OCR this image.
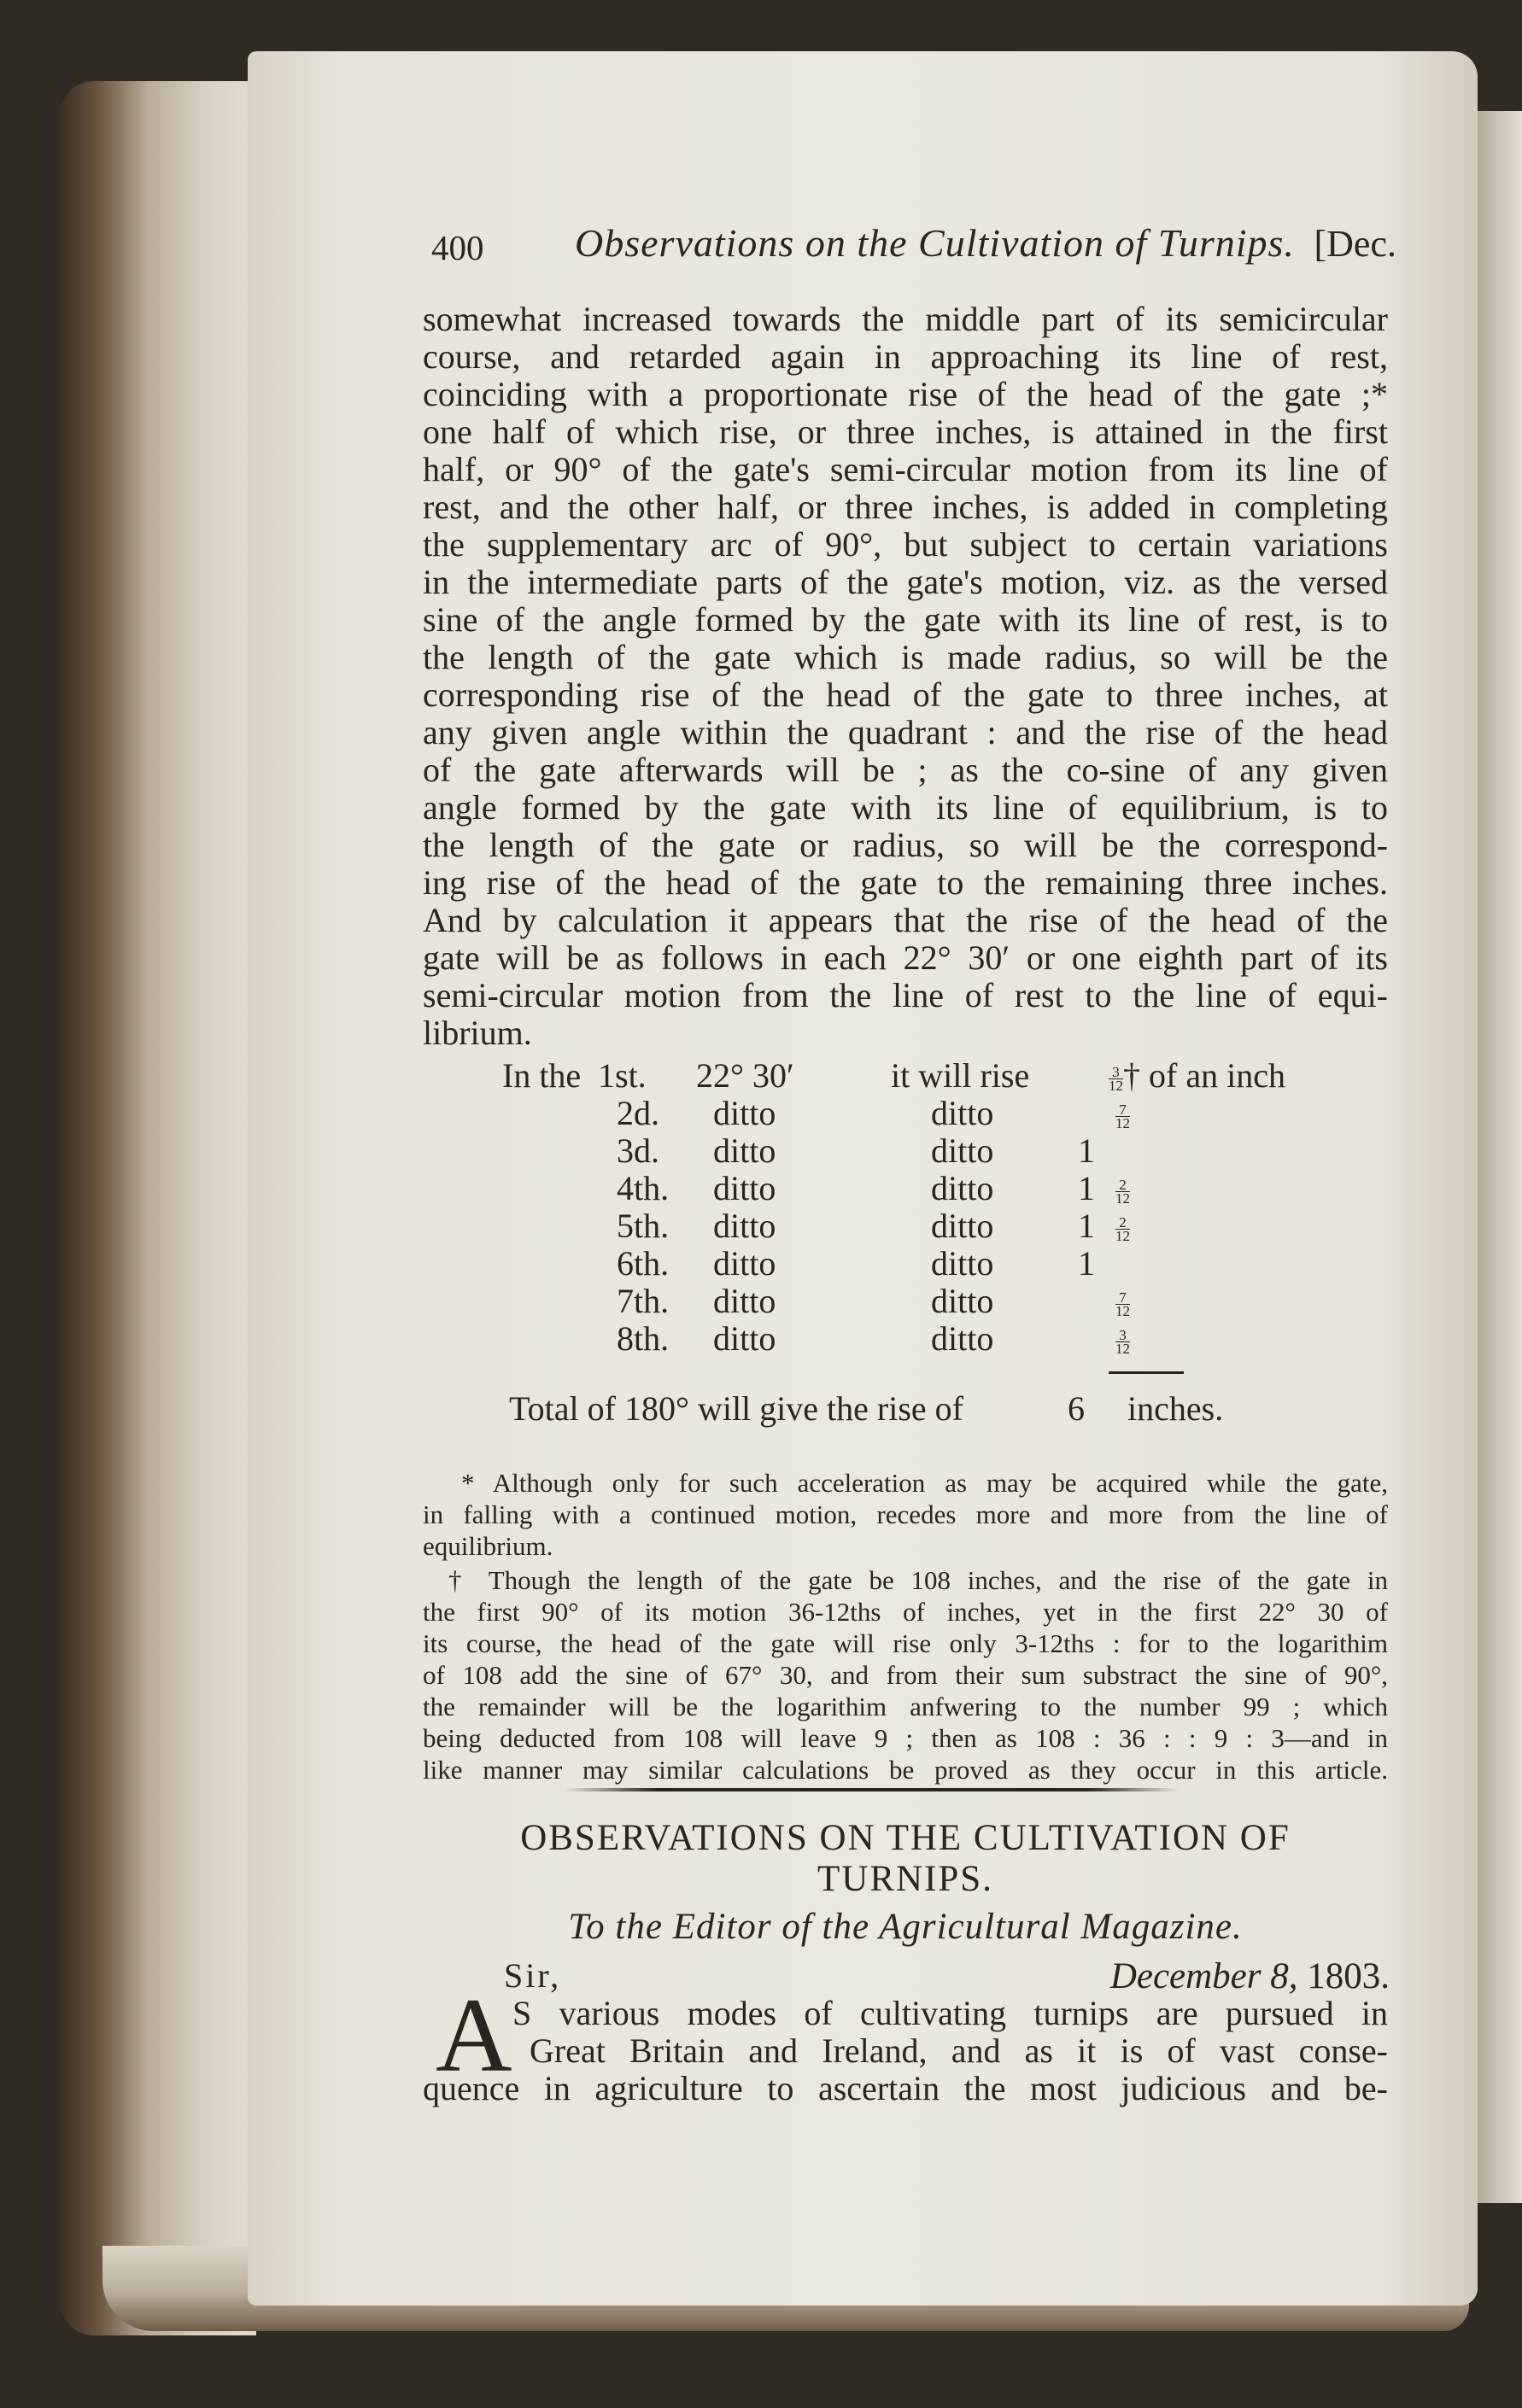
400 Observations on the Cultivation of Turnips. [Dec.
somewhat increased towards the middle part of its semicircular
course, and retarded again in approaching its line of rest,
coinciding with a proportionate rise of the head of the gate ;*
one half of which rise, or three inches, is attained in the first
half, or 90° of the gate's semi-circular motion from its line of
rest, and the other half, or three inches, is added in completing
the supplementary arc of 90°, but subject to certain variations
in the intermediate parts of the gate's motion, viz. as the versed
sine of the angle formed by the gate with its line of rest, is to
the length of the gate which is made radius, so will be the
corresponding rise of the head of the gate to three inches, at
any given angle within the quadrant : and the rise of the head
of the gate afterwards will be ; as the co-sine of any given
angle formed by the gate with its line of equilibrium, is to
the length of the gate or radius, so will be the correspond-
ing rise of the head of the gate to the remaining three inches.
And by calculation it appears that the rise of the head of the
gate will be as follows in each 22° 30′ or one eighth part of its
semi-circular motion from the line of rest to the line of equi-
librium.
In the 1st. 22° 30′	it will rise	$\frac{3}{12}$ † of an inch
2d. ditto	ditto	$\frac{7}{12}$
3d. ditto	ditto 1
4th. ditto	ditto $1 \frac{2}{12}$
5th. ditto	ditto $1 \frac{2}{12}$
6th. ditto	ditto 1
7th. ditto	ditto	$\frac{7}{12}$
8th. ditto	ditto	$\frac{3}{12}$
Total of 180° will give the rise of	6 inches.
* Although only for such acceleration as may be acquired while the gate,
in falling with a continued motion, recedes more and more from the line of
equilibrium.
† Though the length of the gate be 108 inches, and the rise of the gate in
the first 90° of its motion 36-12ths of inches, yet in the first 22° 30 of
its course, the head of the gate will rise only 3-12ths : for to the logarithim
of 108 add the sine of 67° 30, and from their sum substract the sine of 90°,
the remainder will be the logarithim anfwering to the number 99 ; which
being deducted from 108 will leave 9 ; then as 108 : 36 : : 9 : 3—and in
like manner may similar calculations be proved as they occur in this article.
OBSERVATIONS ON THE CULTIVATION OF
TURNIPS.
To the Editor of the Agricultural Magazine.
Sir,	December 8, 1803.
A S various modes of cultivating turnips are pursued in
Great Britain and Ireland, and as it is of vast conse-
quence in agriculture to ascertain the most judicious and be-
